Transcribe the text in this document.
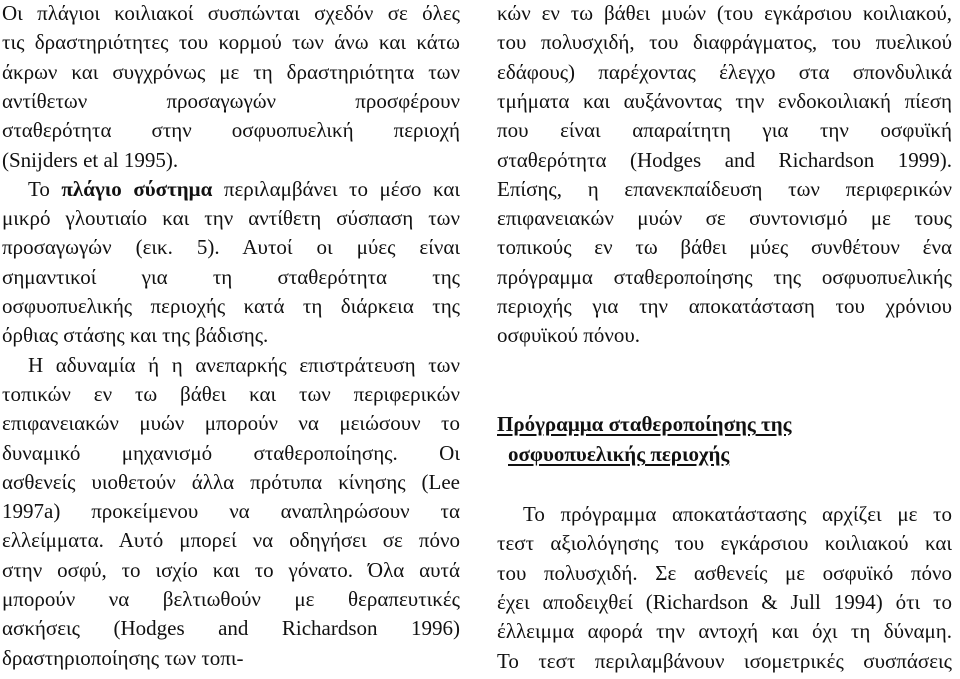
Οι πλάγιοι κοιλιακοί συσπώνται σχεδόν σε όλες
τις δραστηριότητες του κορμού των άνω και κάτω
άκρων και συγχρόνως με τη δραστηριότητα των
αντίθετων προσαγωγών προσφέρουν
σταθερότητα στην οσφυοπυελική περιοχή
(Snijders et al 1995).
Το πλάγιο σύστημα περιλαμβάνει το μέσο και
μικρό γλουτιαίο και την αντίθετη σύσπαση των
προσαγωγών (εικ. 5). Αυτοί οι μύες είναι
σημαντικοί για τη σταθερότητα της
οσφυοπυελικής περιοχής κατά τη διάρκεια της
όρθιας στάσης και της βάδισης.
Η αδυναμία ή η ανεπαρκής επιστράτευση των
τοπικών εν τω βάθει και των περιφερικών
επιφανειακών μυών μπορούν να μειώσουν το
δυναμικό μηχανισμό σταθεροποίησης. Οι
ασθενείς υιοθετούν άλλα πρότυπα κίνησης (Lee
1997a) προκείμενου να αναπληρώσουν τα
ελλείμματα. Αυτό μπορεί να οδηγήσει σε πόνο
στην οσφύ, το ισχίο και το γόνατο. Όλα αυτά
μπορούν να βελτιωθούν με θεραπευτικές
ασκήσεις (Hodges and Richardson 1996)
δραστηριοποίησης των τοπι-
κών εν τω βάθει μυών (του εγκάρσιου κοιλιακού,
του πολυσχιδή, του διαφράγματος, του πυελικού
εδάφους) παρέχοντας έλεγχο στα σπονδυλικά
τμήματα και αυξάνοντας την ενδοκοιλιακή πίεση
που είναι απαραίτητη για την οσφυϊκή
σταθερότητα (Hodges and Richardson 1999).
Επίσης, η επανεκπαίδευση των περιφερικών
επιφανειακών μυών σε συντονισμό με τους
τοπικούς εν τω βάθει μύες συνθέτουν ένα
πρόγραμμα σταθεροποίησης της οσφυοπυελικής
περιοχής για την αποκατάσταση του χρόνιου
οσφυϊκού πόνου.
Το πρόγραμμα αποκατάστασης αρχίζει με το
τεστ αξιολόγησης του εγκάρσιου κοιλιακού και
του πολυσχιδή. Σε ασθενείς με οσφυϊκό πόνο
έχει αποδειχθεί (Richardson & Jull 1994) ότι το
έλλειμμα αφορά την αντοχή και όχι τη δύναμη.
Το τεστ περιλαμβάνουν ισομετρικές συσπάσεις
Πρόγραμμα σταθεροποίησης της
οσφυοπυελικής περιοχής
